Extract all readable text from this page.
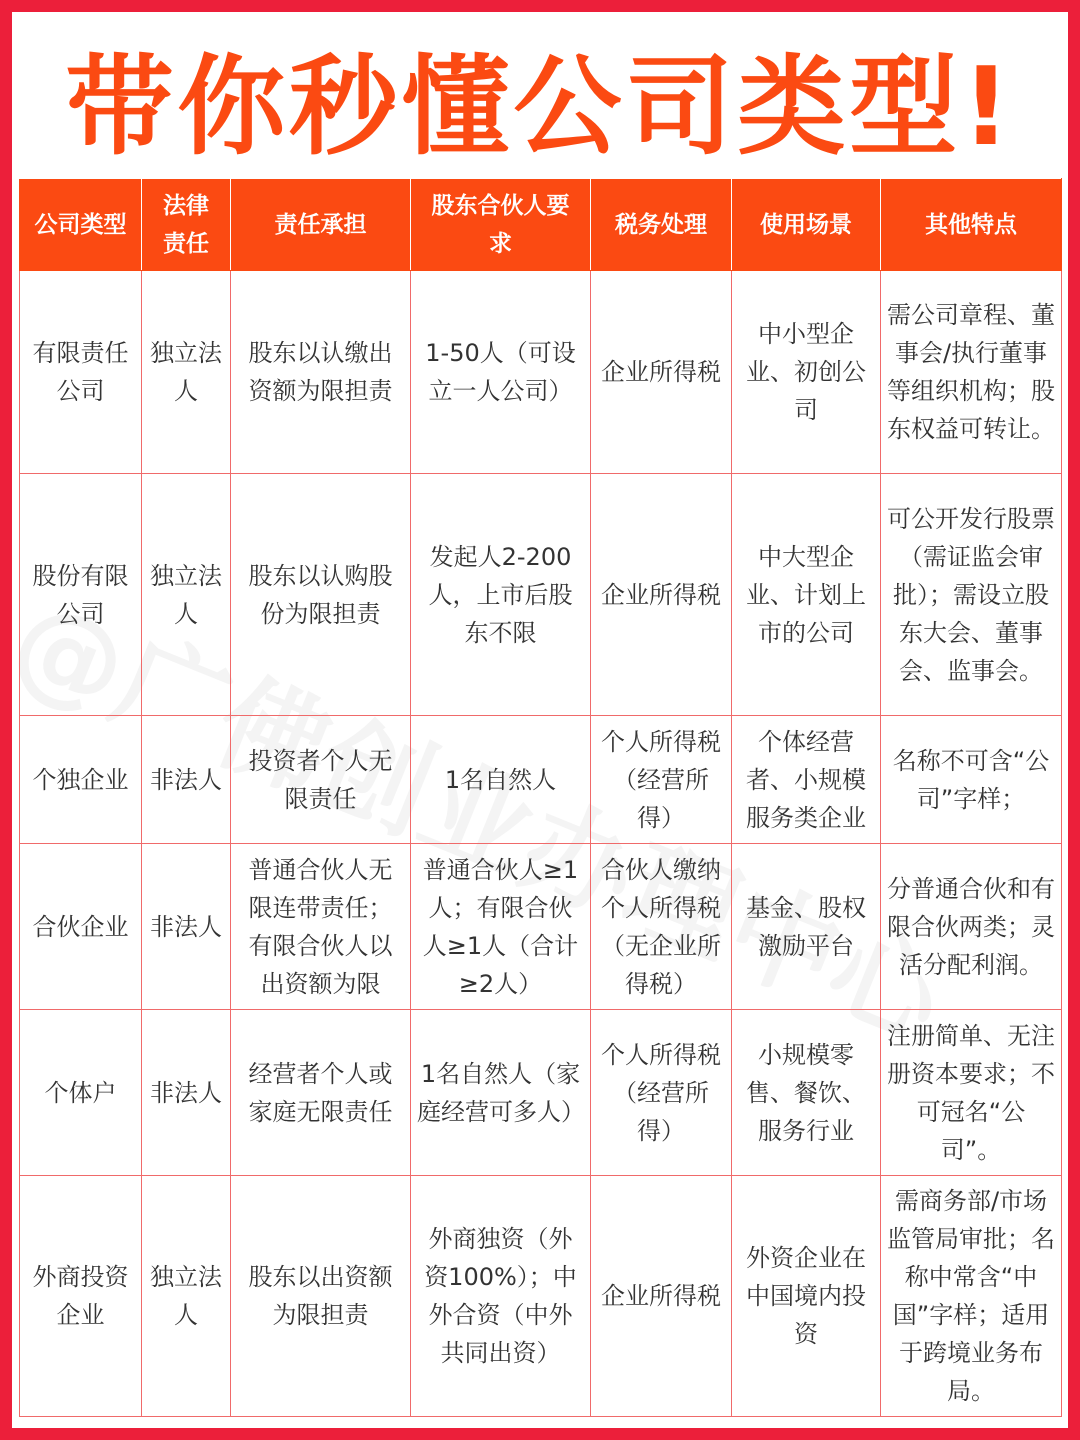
带你秒懂公司类型!
公司类型	法律责任	责任承担	股东合伙人要求	税务处理	使用场景	其他特点
有限责任公司	独立法人	股东以认缴出资额为限担责	1-50人（可设立一人公司）	企业所得税	中小型企业、初创公司	需公司章程、董事会/执行董事等组织机构；股东权益可转让。
股份有限公司	独立法人	股东以认购股份为限担责	发起人2-200人，上市后股东不限	企业所得税	中大型企业、计划上市的公司	可公开发行股票（需证监会审批）；需设立股东大会、董事会、监事会。
个独企业	非法人	投资者个人无限责任	1名自然人	个人所得税（经营所得）	个体经营者、小规模服务类企业	名称不可含“公司”字样；
合伙企业	非法人	普通合伙人无限连带责任；有限合伙人以出资额为限	普通合伙人≥1人；有限合伙人≥1人（合计≥2人）	合伙人缴纳个人所得税（无企业所得税）	基金、股权激励平台	分普通合伙和有限合伙两类；灵活分配利润。
个体户	非法人	经营者个人或家庭无限责任	1名自然人（家庭经营可多人）	个人所得税（经营所得）	小规模零售、餐饮、服务行业	注册简单、无注册资本要求；不可冠名“公司”。
外商投资企业	独立法人	股东以出资额为限担责	外商独资（外资100%）；中外合资（中外共同出资）	企业所得税	外资企业在中国境内投资	需商务部/市场监管局审批；名称中常含“中国”字样；适用于跨境业务布局。
